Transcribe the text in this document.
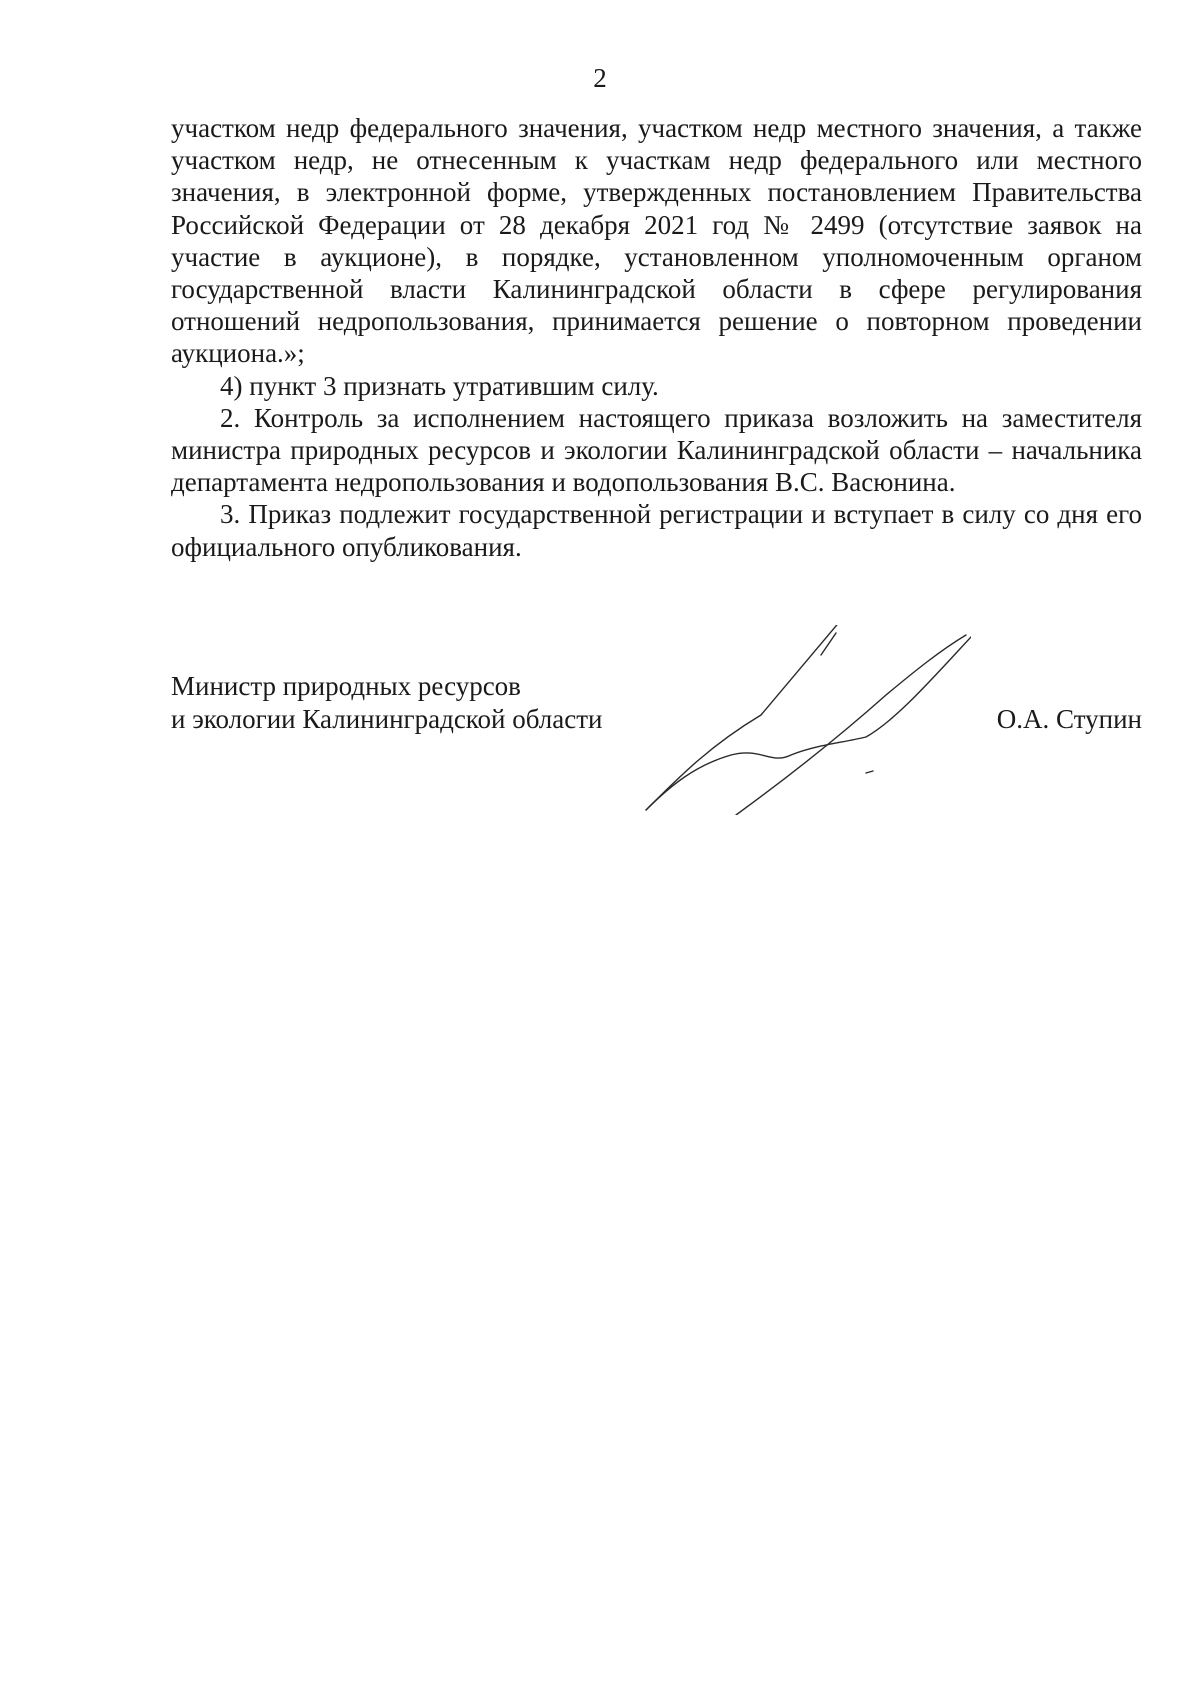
2

участком недр федерального значения, участком недр местного значения, а также участком недр, не отнесенным к участкам недр федерального или местного значения, в электронной форме, утвержденных постановлением Правительства Российской Федерации от 28 декабря 2021 год № 2499 (отсутствие заявок на участие в аукционе), в порядке, установленном уполномоченным органом государственной власти Калининградской области в сфере регулирования отношений недропользования, принимается решение о повторном проведении аукциона.»;

4) пункт 3 признать утратившим силу.

2. Контроль за исполнением настоящего приказа возложить на заместителя министра природных ресурсов и экологии Калининградской области – начальника департамента недропользования и водопользования В.С. Васюнина.

3. Приказ подлежит государственной регистрации и вступает в силу со дня его официального опубликования.

Министр природных ресурсов
и экологии Калининградской области	О.А. Ступин
